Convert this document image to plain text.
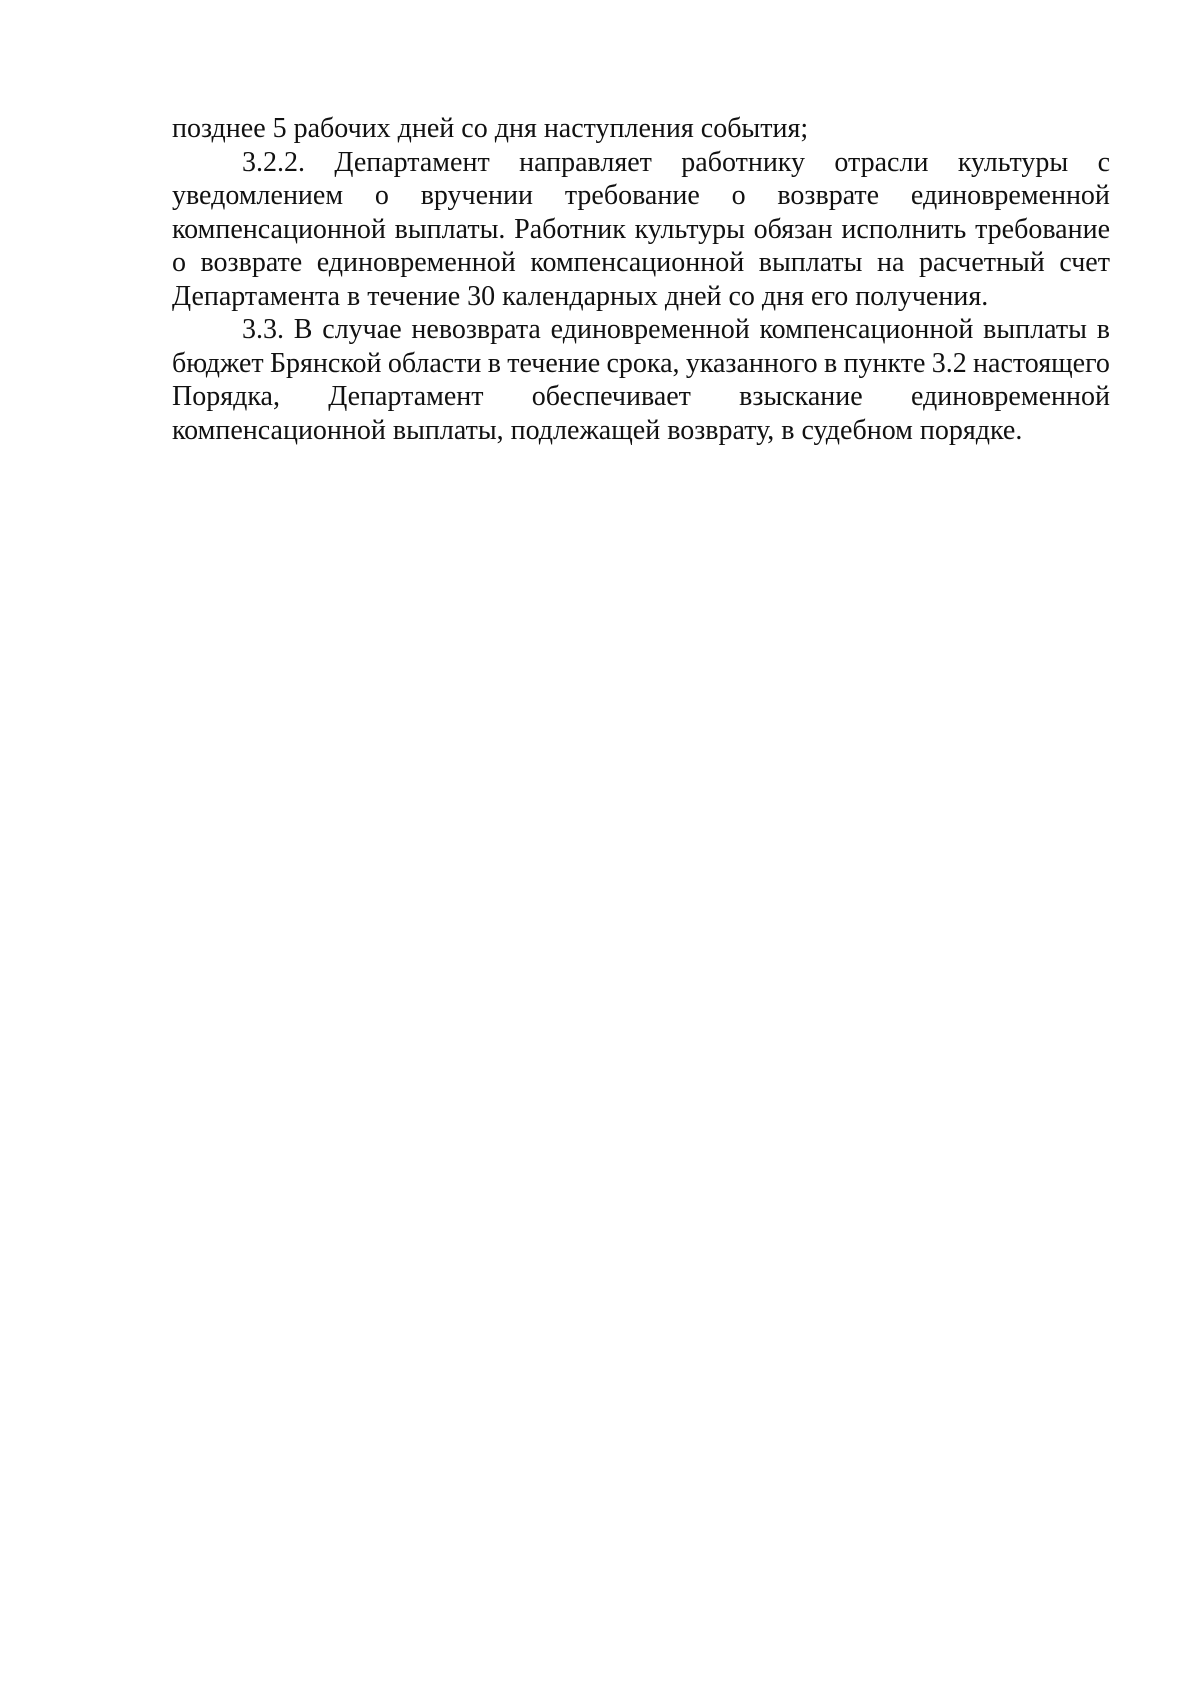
позднее 5 рабочих дней со дня наступления события;
3.2.2. Департамент направляет работнику отрасли культуры с
уведомлением о вручении требование о возврате единовременной
компенсационной выплаты. Работник культуры обязан исполнить требование
о возврате единовременной компенсационной выплаты на расчетный счет
Департамента в течение 30 календарных дней со дня его получения.
3.3. В случае невозврата единовременной компенсационной выплаты в
бюджет Брянской области в течение срока, указанного в пункте 3.2 настоящего
Порядка, Департамент обеспечивает взыскание единовременной
компенсационной выплаты, подлежащей возврату, в судебном порядке.
